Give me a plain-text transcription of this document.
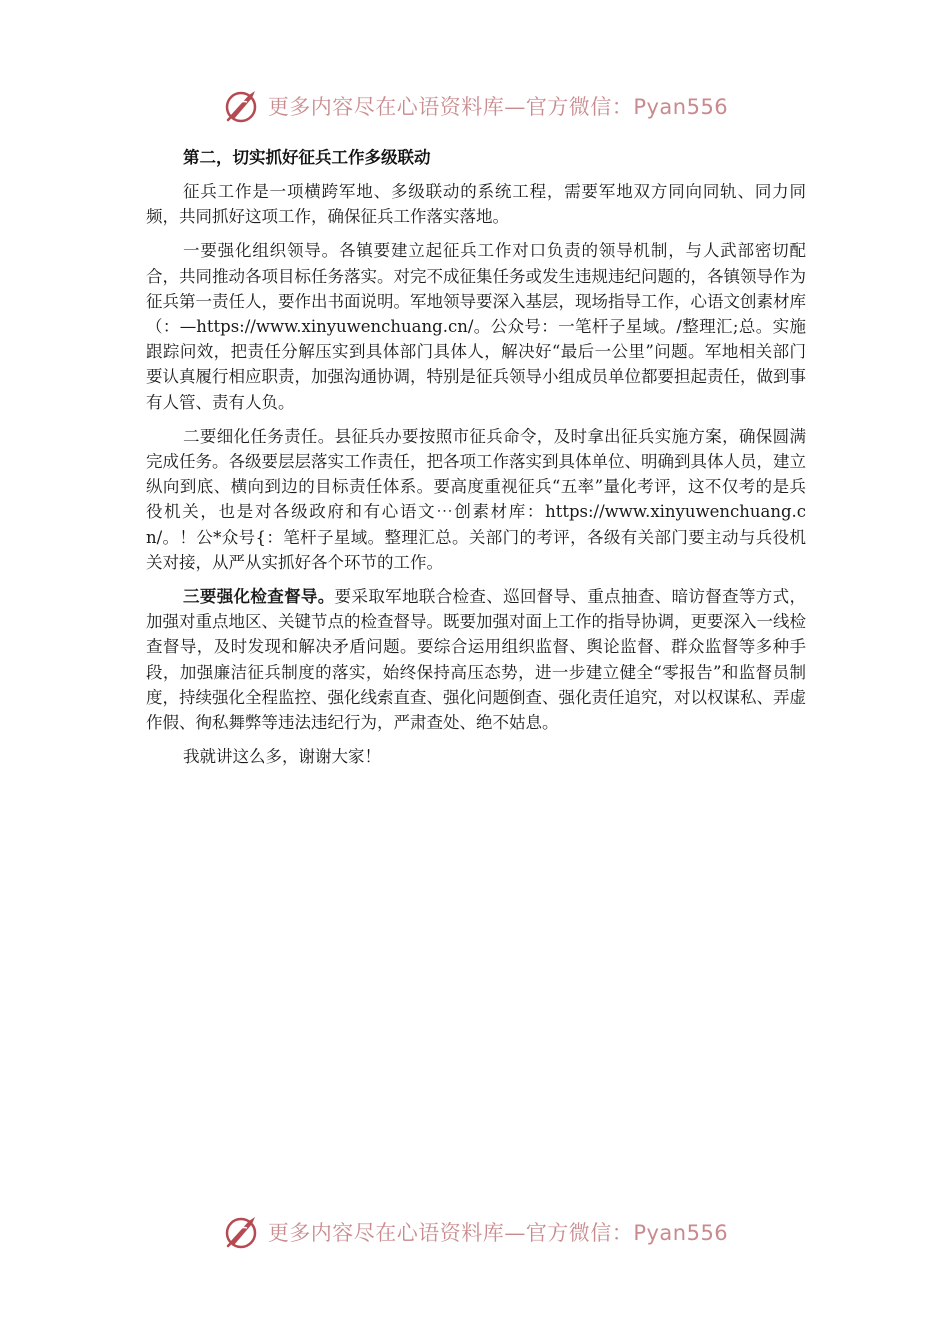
更多内容尽在心语资料库—官方微信：Pyan556
第二，切实抓好征兵工作多级联动

征兵工作是一项横跨军地、多级联动的系统工程，需要军地双方同向同轨、同力同频，共同抓好这项工作，确保征兵工作落实落地。

一要强化组织领导。各镇要建立起征兵工作对口负责的领导机制，与人武部密切配合，共同推动各项目标任务落实。对完不成征集任务或发生违规违纪问题的，各镇领导作为征兵第一责任人，要作出书面说明。军地领导要深入基层，现场指导工作，心语文创素材库（：—https://www.xinyuwenchuang.cn/。公众号：一笔杆子星域。/整理汇;总。实施跟踪问效，把责任分解压实到具体部门具体人，解决好“最后一公里”问题。军地相关部门要认真履行相应职责，加强沟通协调，特别是征兵领导小组成员单位都要担起责任，做到事有人管、责有人负。

二要细化任务责任。县征兵办要按照市征兵命令，及时拿出征兵实施方案，确保圆满完成任务。各级要层层落实工作责任，把各项工作落实到具体单位、明确到具体人员，建立纵向到底、横向到边的目标责任体系。要高度重视征兵“五率”量化考评，这不仅考的是兵役机关，也是对各级政府和有心语文⋯创素材库：https://www.xinyuwenchuang.cn/。！公*众号{：笔杆子星域。整理汇总。关部门的考评，各级有关部门要主动与兵役机关对接，从严从实抓好各个环节的工作。

三要强化检查督导。要采取军地联合检查、巡回督导、重点抽查、暗访督查等方式，加强对重点地区、关键节点的检查督导。既要加强对面上工作的指导协调，更要深入一线检查督导，及时发现和解决矛盾问题。要综合运用组织监督、舆论监督、群众监督等多种手段，加强廉洁征兵制度的落实，始终保持高压态势，进一步建立健全“零报告”和监督员制度，持续强化全程监控、强化线索直查、强化问题倒查、强化责任追究，对以权谋私、弄虚作假、徇私舞弊等违法违纪行为，严肃查处、绝不姑息。

我就讲这么多，谢谢大家！

更多内容尽在心语资料库—官方微信：Pyan556
